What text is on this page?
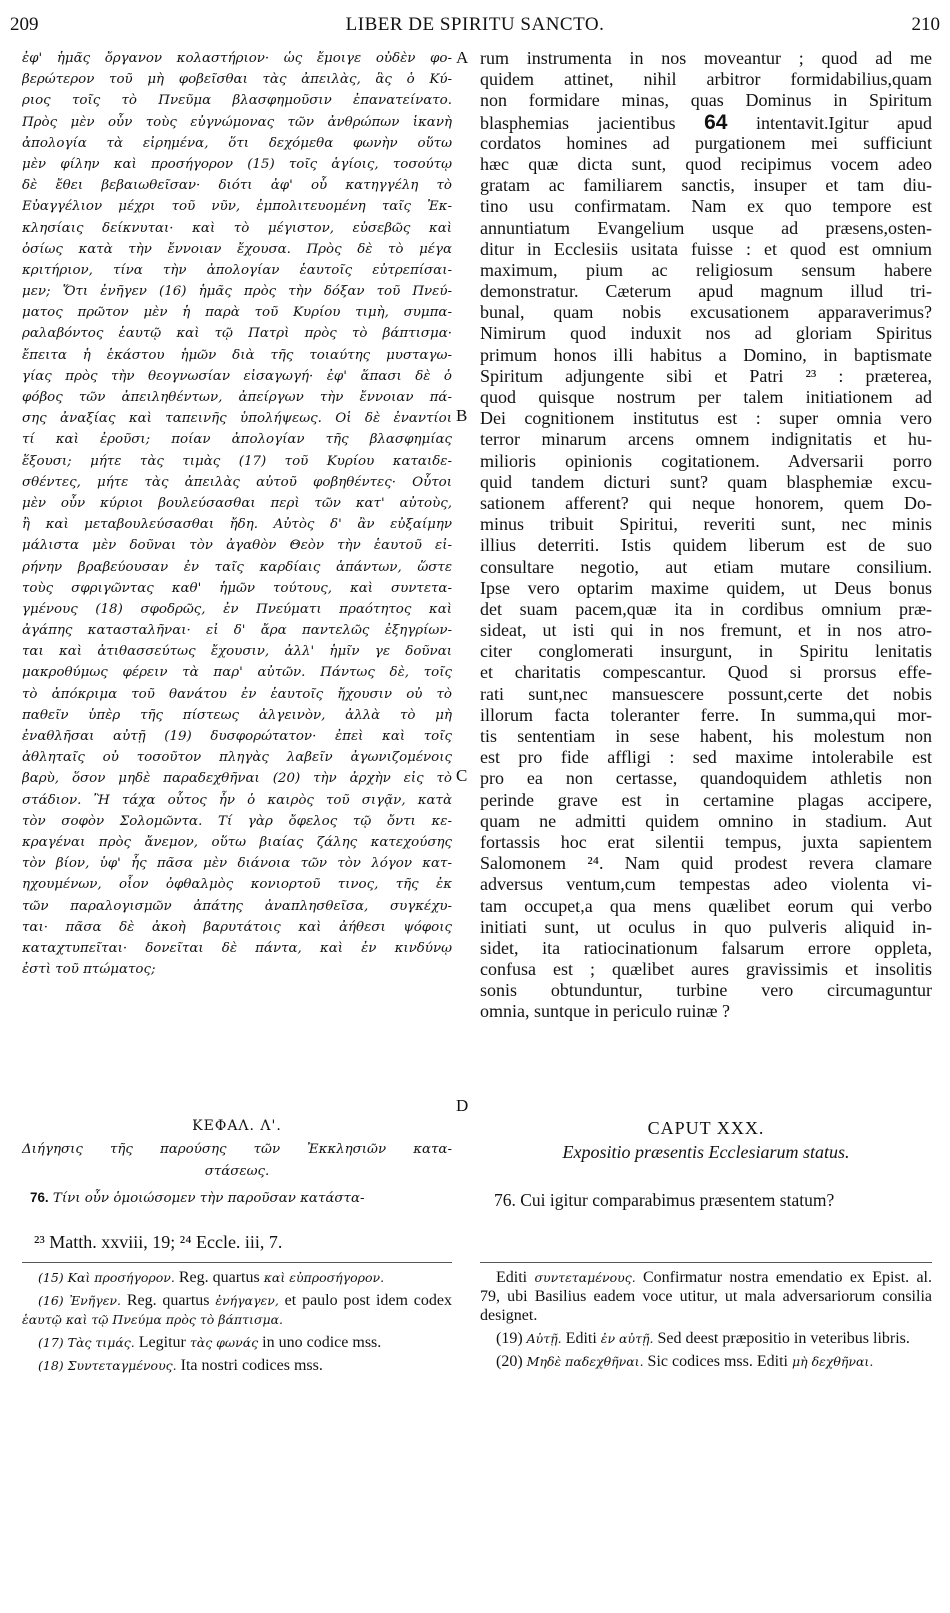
209	LIBER DE SPIRITU SANCTO.	210
ἐφ' ἡμᾶς ὄργανον κολαστήριον· ὡς ἔμοιγε οὐδὲν φο-
βερώτερον τοῦ μὴ φοβεῖσθαι τὰς ἀπειλὰς, ἃς ὁ Κύ-
ριος τοῖς τὸ Πνεῦμα βλασφημοῦσιν ἐπανατείνατο.
Πρὸς μὲν οὖν τοὺς εὐγνώμονας τῶν ἀνθρώπων ἱκανὴ
ἀπολογία τὰ εἰρημένα, ὅτι δεχόμεθα φωνὴν οὕτω
μὲν φίλην καὶ προσήγορον (15) τοῖς ἁγίοις, τοσούτῳ
δὲ ἔθει βεβαιωθεῖσαν· διότι ἀφ' οὗ κατηγγέλη τὸ
Εὐαγγέλιον μέχρι τοῦ νῦν, ἐμπολιτευομένη ταῖς Ἐκ-
κλησίαις δείκνυται· καὶ τὸ μέγιστον, εὐσεβῶς καὶ
ὁσίως κατὰ τὴν ἔννοιαν ἔχουσα. Πρὸς δὲ τὸ μέγα
κριτήριον, τίνα τὴν ἀπολογίαν ἑαυτοῖς εὐτρεπίσαι-
μεν; Ὅτι ἐνῆγεν (16) ἡμᾶς πρὸς τὴν δόξαν τοῦ Πνεύ-
ματος πρῶτον μὲν ἡ παρὰ τοῦ Κυρίου τιμὴ, συμπα-
ραλαβόντος ἑαυτῷ καὶ τῷ Πατρὶ πρὸς τὸ βάπτισμα·
ἔπειτα ἡ ἑκάστου ἡμῶν διὰ τῆς τοιαύτης μυσταγω-
γίας πρὸς τὴν θεογνωσίαν εἰσαγωγή· ἐφ' ἅπασι δὲ ὁ
φόβος τῶν ἀπειληθέντων, ἀπείργων τὴν ἔννοιαν πά-
σης ἀναξίας καὶ ταπεινῆς ὑπολήψεως. Οἱ δὲ ἐναντίοι
τί καὶ ἐροῦσι; ποίαν ἀπολογίαν τῆς βλασφημίας
ἕξουσι; μήτε τὰς τιμὰς (17) τοῦ Κυρίου καταιδε-
σθέντες, μήτε τὰς ἀπειλὰς αὐτοῦ φοβηθέντες· Οὗτοι
μὲν οὖν κύριοι βουλεύσασθαι περὶ τῶν κατ' αὐτοὺς,
ἢ καὶ μεταβουλεύσασθαι ἤδη. Αὐτὸς δ' ἂν εὐξαίμην
μάλιστα μὲν δοῦναι τὸν ἀγαθὸν Θεὸν τὴν ἑαυτοῦ εἰ-
ρήνην βραβεύουσαν ἐν ταῖς καρδίαις ἁπάντων, ὥστε
τοὺς σφριγῶντας καθ' ἡμῶν τούτους, καὶ συντετα-
γμένους (18) σφοδρῶς, ἐν Πνεύματι πραότητος καὶ
ἀγάπης κατασταλῆναι· εἰ δ' ἄρα παντελῶς ἐξηγρίων-
ται καὶ ἀτιθασσεύτως ἔχουσιν, ἀλλ' ἡμῖν γε δοῦναι
μακροθύμως φέρειν τὰ παρ' αὐτῶν. Πάντως δὲ, τοῖς
τὸ ἀπόκριμα τοῦ θανάτου ἐν ἑαυτοῖς ἤχουσιν οὐ τὸ
παθεῖν ὑπὲρ τῆς πίστεως ἀλγεινὸν, ἀλλὰ τὸ μὴ
ἐναθλῆσαι αὐτῇ (19) δυσφορώτατον· ἐπεὶ καὶ τοῖς
ἀθληταῖς οὐ τοσοῦτον πληγὰς λαβεῖν ἀγωνιζομένοις
βαρὺ, ὅσον μηδὲ παραδεχθῆναι (20) τὴν ἀρχὴν εἰς τὸ
στάδιον. Ἢ τάχα οὗτος ἦν ὁ καιρὸς τοῦ σιγᾷν, κατὰ
τὸν σοφὸν Σολομῶντα. Τί γὰρ ὄφελος τῷ ὄντι κε-
κραγέναι πρὸς ἄνεμον, οὕτω βιαίας ζάλης κατεχούσης
τὸν βίον, ὑφ' ἧς πᾶσα μὲν διάνοια τῶν τὸν λόγον κατ-
ηχουμένων, οἷον ὀφθαλμὸς κονιορτοῦ τινος, τῆς ἐκ
τῶν παραλογισμῶν ἀπάτης ἀναπλησθεῖσα, συγκέχυ-
ται· πᾶσα δὲ ἀκοὴ βαρυτάτοις καὶ ἀήθεσι ψόφοις
καταχτυπεῖται· δονεῖται δὲ πάντα, καὶ ἐν κινδύνῳ
ἐστὶ τοῦ πτώματος;
A
B
C
D
rum instrumenta in nos moveantur ; quod ad me
quidem attinet, nihil arbitror formidabilius,quam
non formidare minas, quas Dominus in Spiritum
blasphemias jacientibus 64 intentavit.Igitur apud
cordatos homines ad purgationem mei sufficiunt
hæc quæ dicta sunt, quod recipimus vocem adeo
gratam ac familiarem sanctis, insuper et tam diu-
tino usu confirmatam. Nam ex quo tempore est
annuntiatum Evangelium usque ad præsens,osten-
ditur in Ecclesiis usitata fuisse : et quod est omnium
maximum, pium ac religiosum sensum habere
demonstratur. Cæterum apud magnum illud tri-
bunal, quam nobis excusationem apparaverimus?
Nimirum quod induxit nos ad gloriam Spiritus
primum honos illi habitus a Domino, in baptismate
Spiritum adjungente sibi et Patri ²³ : præterea,
quod quisque nostrum per talem initiationem ad
Dei cognitionem institutus est : super omnia vero
terror minarum arcens omnem indignitatis et hu-
milioris opinionis cogitationem. Adversarii porro
quid tandem dicturi sunt? quam blasphemiæ excu-
sationem afferent? qui neque honorem, quem Do-
minus tribuit Spiritui, reveriti sunt, nec minis
illius deterriti. Istis quidem liberum est de suo
consultare negotio, aut etiam mutare consilium.
Ipse vero optarim maxime quidem, ut Deus bonus
det suam pacem,quæ ita in cordibus omnium præ-
sideat, ut isti qui in nos fremunt, et in nos atro-
citer conglomerati insurgunt, in Spiritu lenitatis
et charitatis compescantur. Quod si prorsus effe-
rati sunt,nec mansuescere possunt,certe det nobis
illorum facta toleranter ferre. In summa,qui mor-
tis sententiam in sese habent, his molestum non
est pro fide affligi : sed maxime intolerabile est
pro ea non certasse, quandoquidem athletis non
perinde grave est in certamine plagas accipere,
quam ne admitti quidem omnino in stadium. Aut
fortassis hoc erat silentii tempus, juxta sapientem
Salomonem ²⁴. Nam quid prodest revera clamare
adversus ventum,cum tempestas adeo violenta vi-
tam occupet,a qua mens quælibet eorum qui verbo
initiati sunt, ut oculus in quo pulveris aliquid in-
sidet, ita ratiocinationum falsarum errore oppleta,
confusa est ; quælibet aures gravissimis et insolitis
sonis obtunduntur, turbine vero circumaguntur
omnia, suntque in periculo ruinæ ?
ΚΕΦΑΛ. Λ'.
Διήγησις τῆς παρούσης τῶν Ἐκκλησιῶν κατα-
στάσεως.
76. Τίνι οὖν ὁμοιώσομεν τὴν παροῦσαν κατάστα-
CAPUT XXX.
Expositio præsentis Ecclesiarum status.
76. Cui igitur comparabimus præsentem statum?
²³ Matth. xxviii, 19; ²⁴ Eccle. iii, 7.

(15) Καὶ προσήγορον. Reg. quartus καὶ εὐπροσήγορον.

(16) Ἐνῆγεν. Reg. quartus ἐνήγαγεν, et paulo post idem codex ἑαυτῷ καὶ τῷ Πνεύμα πρὸς τὸ βάπτισμα.

(17) Τὰς τιμάς. Legitur τὰς φωνάς in uno codice mss.

(18) Συντεταγμένους. Ita nostri codices mss.

Editi συντεταμένους. Confirmatur nostra emendatio ex Epist. al. 79, ubi Basilius eadem voce utitur, ut mala adversariorum consilia designet.

(19) Αὐτῇ. Editi ἐν αὐτῇ. Sed deest præpositio in veteribus libris.

(20) Μηδὲ παδεχθῆναι. Sic codices mss. Editi μὴ δεχθῆναι.
